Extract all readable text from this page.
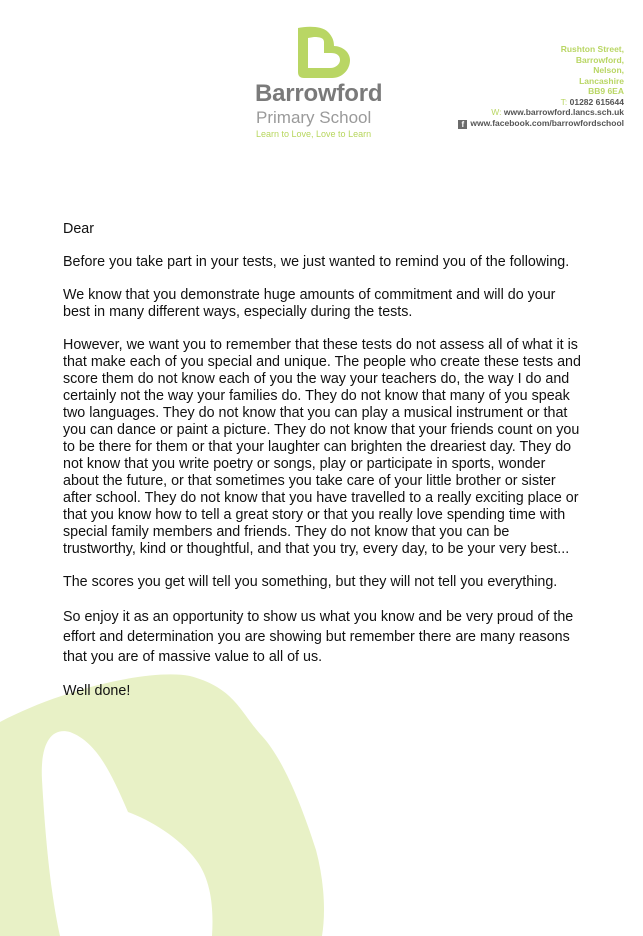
Barrowford
Primary School
Learn to Love, Love to Learn
Rushton Street,
Barrowford,
Nelson,
Lancashire
BB9 6EA
T: 01282 615644
W: www.barrowford.lancs.sch.uk
f www.facebook.com/barrowfordschool

Dear

Before you take part in your tests, we just wanted to remind you of the following.

We know that you demonstrate huge amounts of commitment and will do your best in many different ways, especially during the tests.

However, we want you to remember that these tests do not assess all of what it is that make each of you special and unique. The people who create these tests and score them do not know each of you the way your teachers do, the way I do and certainly not the way your families do. They do not know that many of you speak two languages. They do not know that you can play a musical instrument or that you can dance or paint a picture. They do not know that your friends count on you to be there for them or that your laughter can brighten the dreariest day. They do not know that you write poetry or songs, play or participate in sports, wonder about the future, or that sometimes you take care of your little brother or sister after school. They do not know that you have travelled to a really exciting place or that you know how to tell a great story or that you really love spending time with special family members and friends. They do not know that you can be trustworthy, kind or thoughtful, and that you try, every day, to be your very best...

The scores you get will tell you something, but they will not tell you everything.

So enjoy it as an opportunity to show us what you know and be very proud of the effort and determination you are showing but remember there are many reasons that you are of massive value to all of us.

Well done!
